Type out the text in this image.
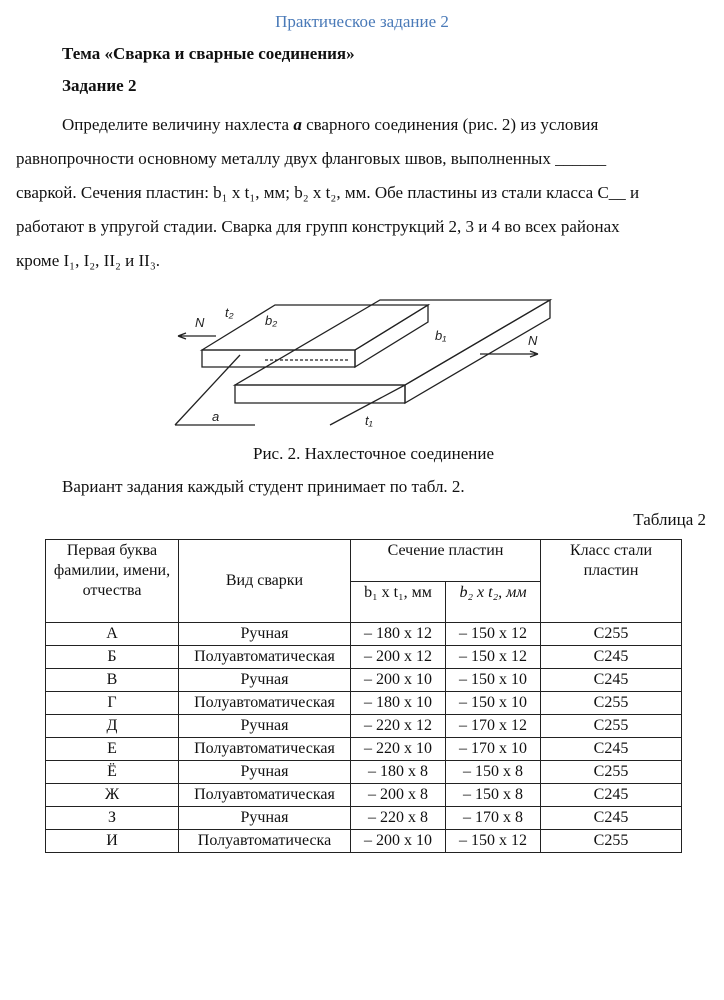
Практическое задание 2
Тема «Сварка и сварные соединения»
Задание 2
Определите величину нахлеста a сварного соединения (рис. 2) из условия
равнопрочности основному металлу двух фланговых швов, выполненных ______
сваркой. Сечения пластин: b₁ x t₁, мм; b₂ x t₂, мм. Обе пластины из стали класса С__ и
работают в упругой стадии. Сварка для групп конструкций 2, 3 и 4 во всех районах
кроме I₁, I₂, II₂ и II₃.
N
N
b₂
b₁
t₂
t₁
a
Рис. 2. Нахлесточное соединение
Вариант задания каждый студент принимает по табл. 2.
Таблица 2
Первая буква фамилии, имени, отчества	Вид сварки	Сечение пластин		Класс стали пластин
		b₁ x t₁, мм	b₂ x t₂, мм	
А	Ручная	– 180 х 12	– 150 х 12	С255
Б	Полуавтоматическая	– 200 х 12	– 150 х 12	С245
В	Ручная	– 200 х 10	– 150 х 10	С245
Г	Полуавтоматическая	– 180 х 10	– 150 х 10	С255
Д	Ручная	– 220 х 12	– 170 х 12	С255
Е	Полуавтоматическая	– 220 х 10	– 170 х 10	С245
Ё	Ручная	– 180 х 8	– 150 х 8	С255
Ж	Полуавтоматическая	– 200 х 8	– 150 х 8	С245
З	Ручная	– 220 х 8	– 170 х 8	С245
И	Полуавтоматическа	– 200 х 10	– 150 х 12	С255
